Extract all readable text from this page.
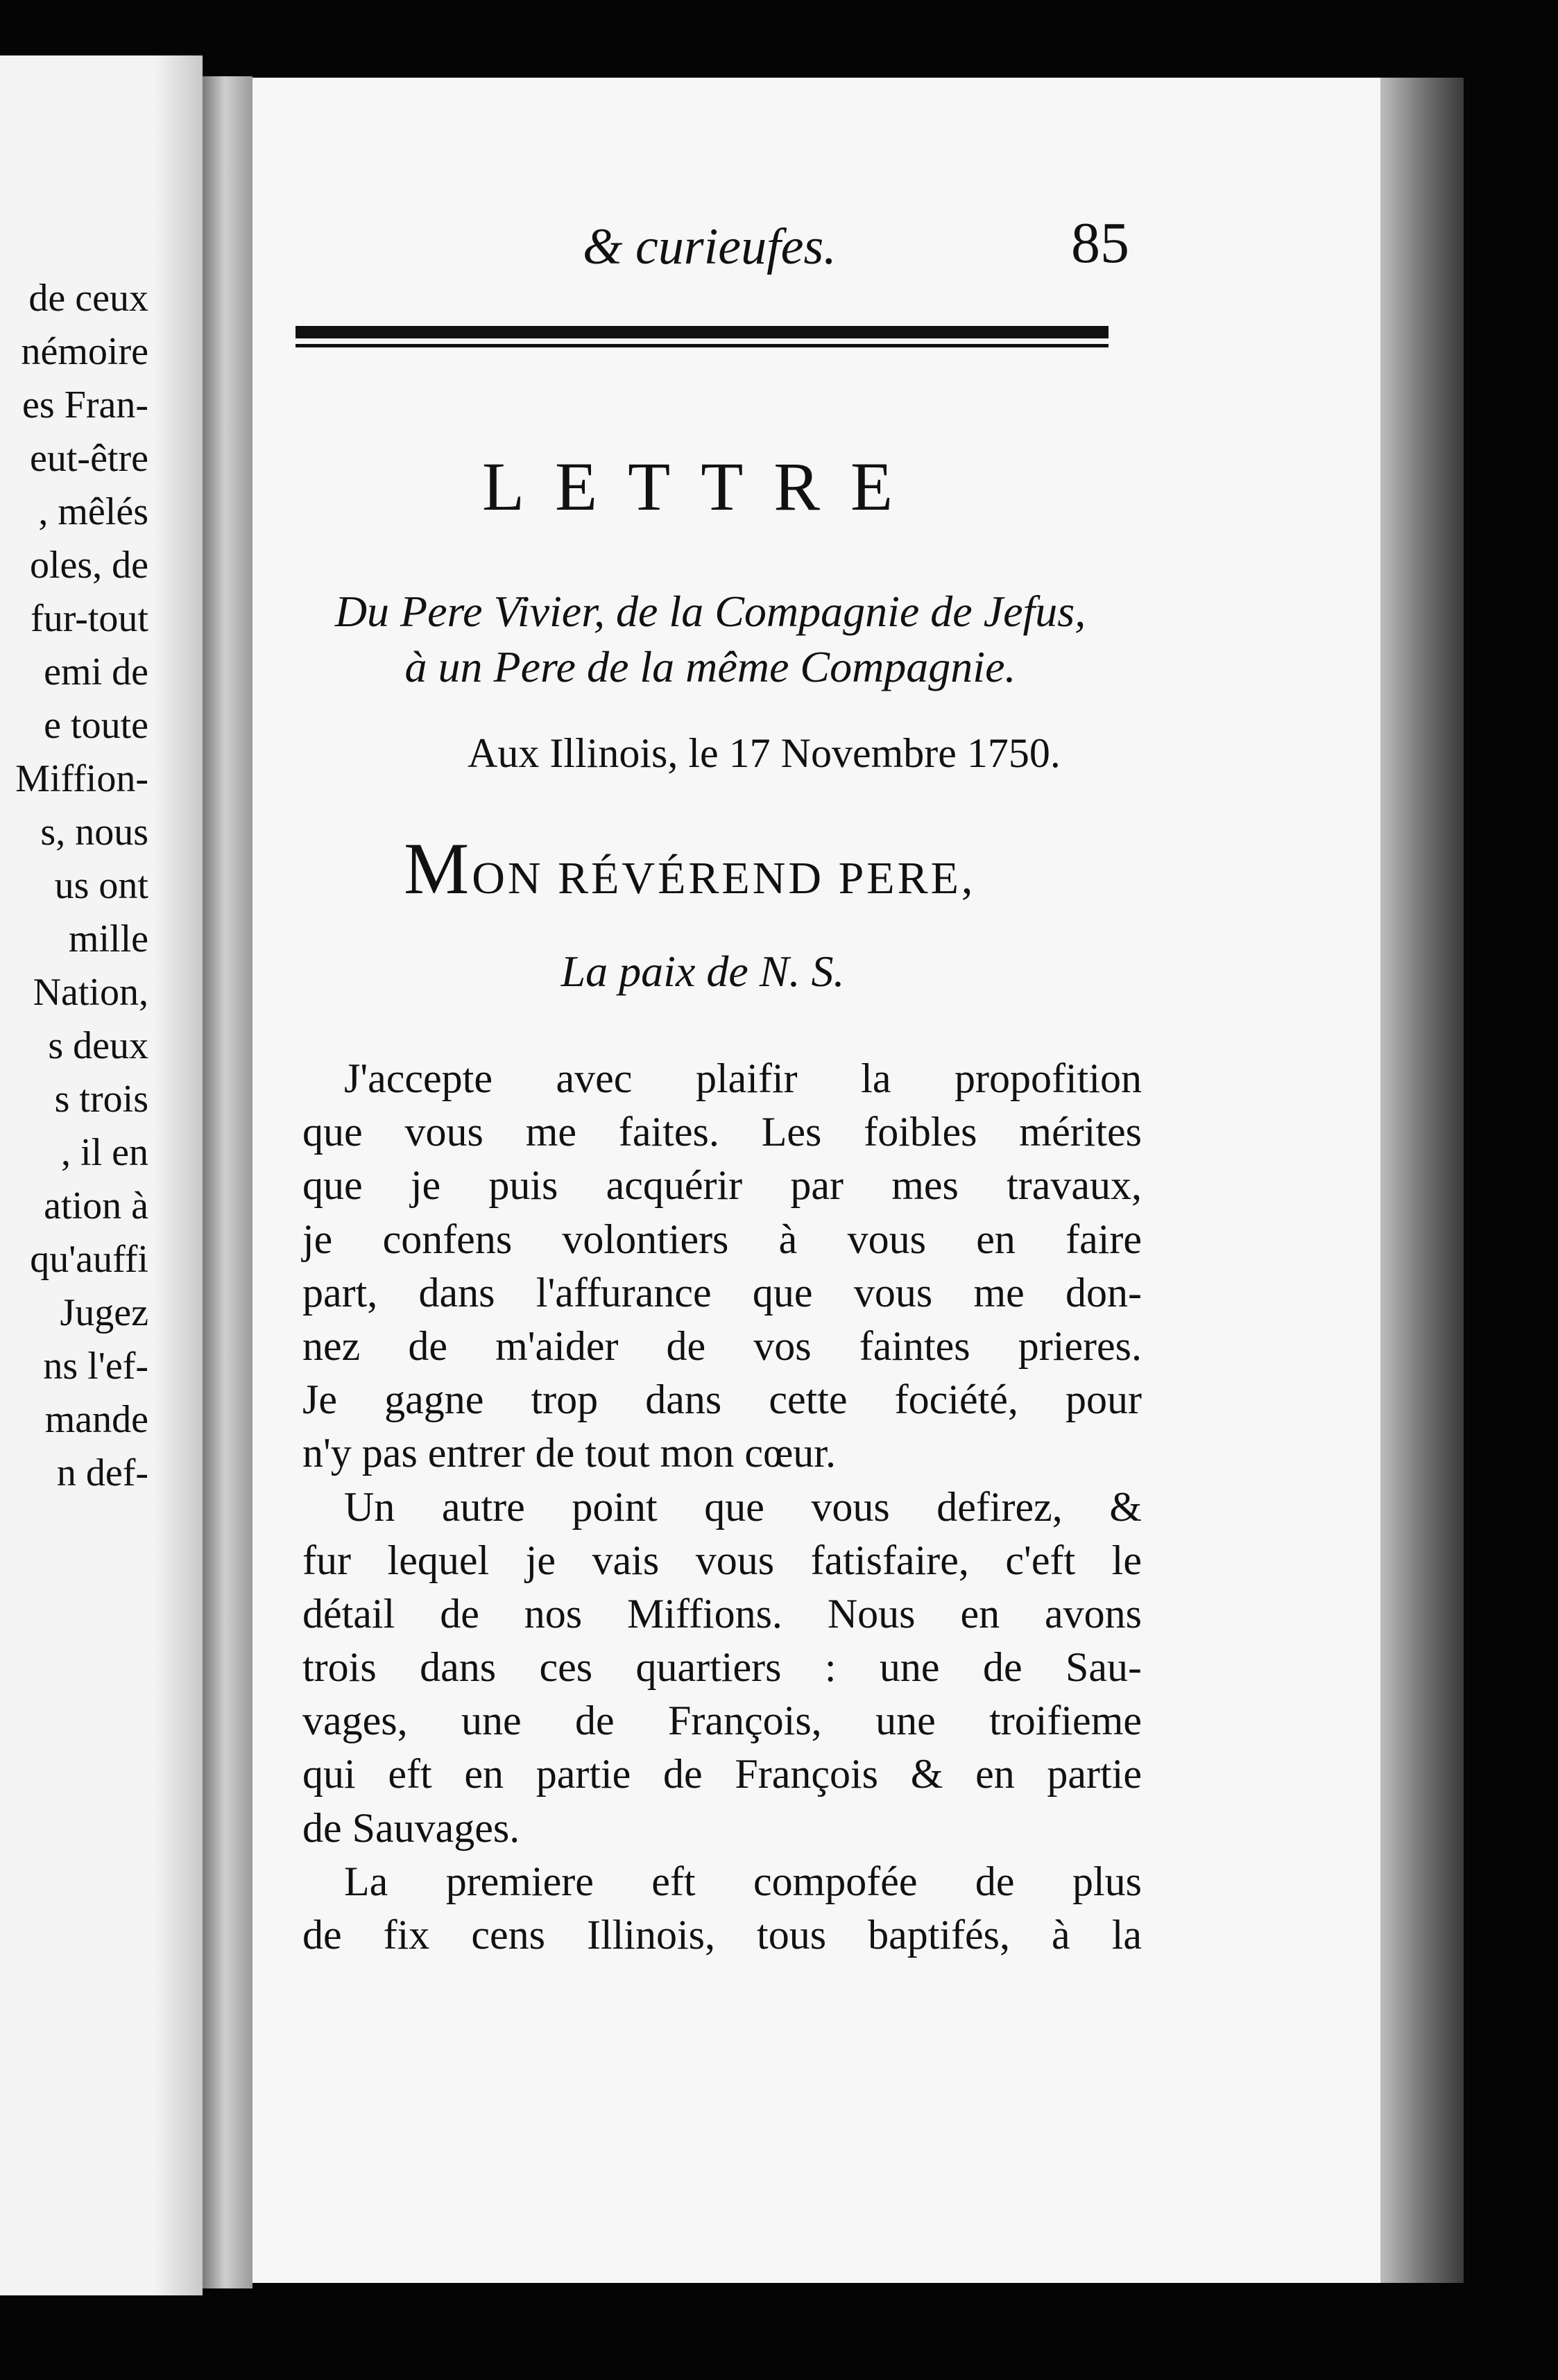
de ceux
némoire
es Fran-
eut-être
, mêlés
oles, de
fur-tout
emi de
e toute
Miffion-
s, nous
us ont
mille
Nation,
s deux
s trois
, il en
ation à
qu'auffi
Jugez
ns l'ef-
mande
n def-
& curieufes.	85
LETTRE
Du Pere Vivier, de la Compagnie de Jefus,
à un Pere de la même Compagnie.
Aux Illinois, le 17 Novembre 1750.
MON RÉVÉREND PERE,
La paix de N. S.
J'accepte avec plaifir la propofition
que vous me faites. Les foibles mérites
que je puis acquérir par mes travaux,
je confens volontiers à vous en faire
part, dans l'affurance que vous me don-
nez de m'aider de vos faintes prieres.
Je gagne trop dans cette fociété, pour
n'y pas entrer de tout mon cœur.
Un autre point que vous defirez, &
fur lequel je vais vous fatisfaire, c'eft le
détail de nos Miffions. Nous en avons
trois dans ces quartiers : une de Sau-
vages, une de François, une troifieme
qui eft en partie de François & en partie
de Sauvages.
La premiere eft compofée de plus
de fix cens Illinois, tous baptifés, à la
